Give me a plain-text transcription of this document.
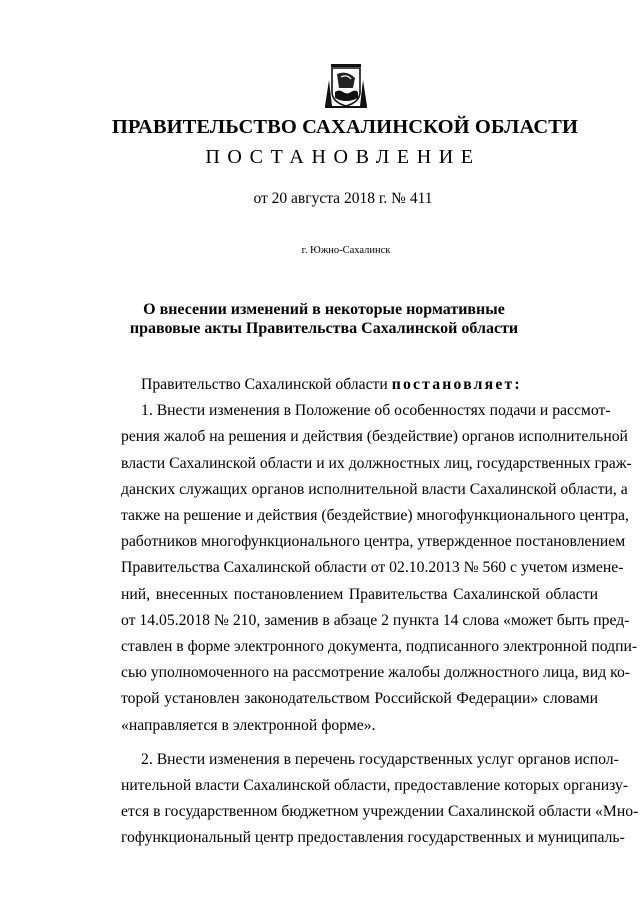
ПРАВИТЕЛЬСТВО САХАЛИНСКОЙ ОБЛАСТИ
ПОСТАНОВЛЕНИЕ
от 20 августа 2018 г. № 411
г. Южно-Сахалинск
О внесении изменений в некоторые нормативные
правовые акты Правительства Сахалинской области
Правительство Сахалинской области постановляет:
1. Внести изменения в Положение об особенностях подачи и рассмот-
рения жалоб на решения и действия (бездействие) органов исполнительной
власти Сахалинской области и их должностных лиц, государственных граж-
данских служащих органов исполнительной власти Сахалинской области, а
также на решение и действия (бездействие) многофункционального центра,
работников многофункционального центра, утвержденное постановлением
Правительства Сахалинской области от 02.10.2013 № 560 с учетом измене-
ний, внесенных постановлением Правительства Сахалинской области
от 14.05.2018 № 210, заменив в абзаце 2 пункта 14 слова «может быть пред-
ставлен в форме электронного документа, подписанного электронной подпи-
сью уполномоченного на рассмотрение жалобы должностного лица, вид ко-
торой установлен законодательством Российской Федерации» словами
«направляется в электронной форме».
2. Внести изменения в перечень государственных услуг органов испол-
нительной власти Сахалинской области, предоставление которых организу-
ется в государственном бюджетном учреждении Сахалинской области «Мно-
гофункциональный центр предоставления государственных и муниципаль-
